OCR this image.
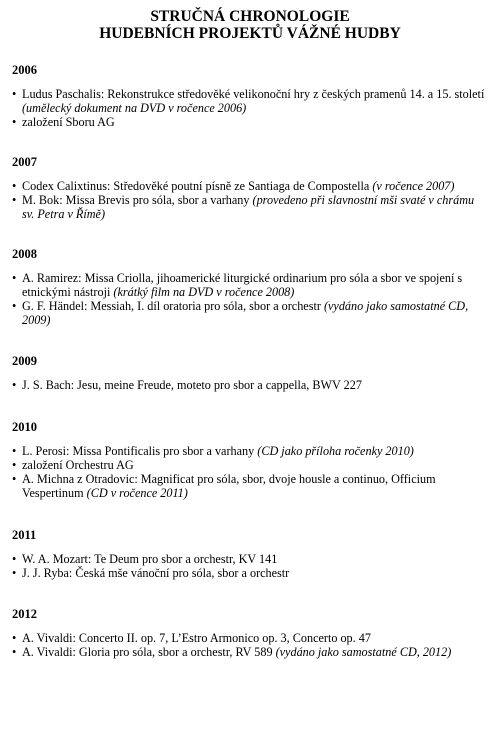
STRUČNÁ CHRONOLOGIE
HUDEBNÍCH PROJEKTŮ VÁŽNÉ HUDBY
2006
• Ludus Paschalis: Rekonstrukce středověké velikonoční hry z českých pramenů 14. a 15. století (umělecký dokument na DVD v ročence 2006)
• založení Sboru AG
2007
• Codex Calixtinus: Středověké poutní písně ze Santiaga de Compostella (v ročence 2007)
• M. Bok: Missa Brevis pro sóla, sbor a varhany (provedeno při slavnostní mši svaté v chrámu sv. Petra v Římě)
2008
• A. Ramirez: Missa Criolla, jihoamerické liturgické ordinarium pro sóla a sbor ve spojení s etnickými nástroji (krátký film na DVD v ročence 2008)
• G. F. Händel: Messiah, I. díl oratoria pro sóla, sbor a orchestr (vydáno jako samostatné CD, 2009)
2009
• J. S. Bach: Jesu, meine Freude, moteto pro sbor a cappella, BWV 227
2010
• L. Perosi: Missa Pontificalis pro sbor a varhany (CD jako příloha ročenky 2010)
• založení Orchestru AG
• A. Michna z Otradovic: Magnificat pro sóla, sbor, dvoje housle a continuo, Officium Vespertinum (CD v ročence 2011)
2011
• W. A. Mozart: Te Deum pro sbor a orchestr, KV 141
• J. J. Ryba: Česká mše vánoční pro sóla, sbor a orchestr
2012
• A. Vivaldi: Concerto II. op. 7, L’Estro Armonico op. 3, Concerto op. 47
• A. Vivaldi: Gloria pro sóla, sbor a orchestr, RV 589 (vydáno jako samostatné CD, 2012)
